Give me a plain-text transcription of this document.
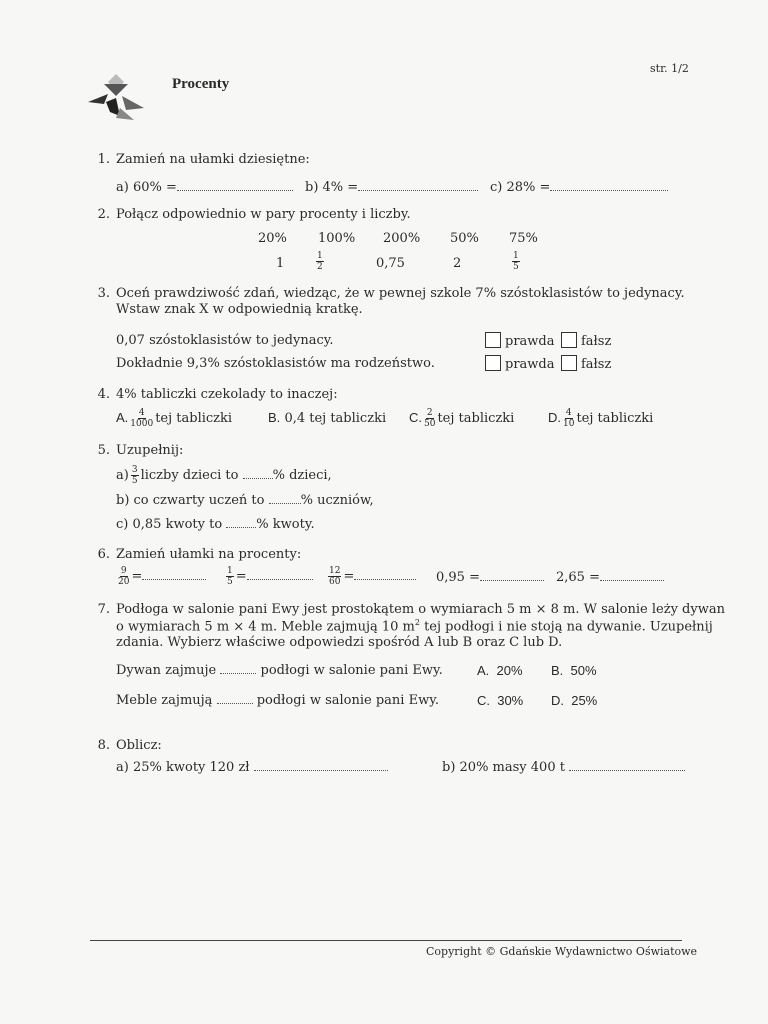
Procenty
str. 1/2
1. Zamień na ułamki dziesiętne:
a) 60% =	b) 4% =	c) 28% =
2. Połącz odpowiednio w pary procenty i liczby.
20% 100% 200% 50% 75%
1	$\frac{1}{2}$	0,75	2	$\frac{1}{5}$
3. Oceń prawdziwość zdań, wiedząc, że w pewnej szkole 7% szóstoklasistów to jedynacy.
Wstaw znak X w odpowiednią kratkę.
0,07 szóstoklasistów to jedynacy.	prawda	fałsz
Dokładnie 9,3% szóstoklasistów ma rodzeństwo.	prawda	fałsz
4. 4% tabliczki czekolady to inaczej:
A. $\frac{4}{1000}$ tej tabliczki	B. 0,4 tej tabliczki C. $\frac{2}{50}$ tej tabliczki	D. $\frac{4}{10}$ tej tabliczki
5. Uzupełnij:
$a) \frac{3}{5}$ liczby dzieci to	% dzieci,
b) co czwarty uczeń to	% uczniów,
c) 0,85 kwoty to	% kwoty.
6. Zamień ułamki na procenty:
$\frac{9}{20}$ =	$\frac{1}{5}$ =	$\frac{12}{60}$ =	0,95 =	2,65 =
7. Podłoga w salonie pani Ewy jest prostokątem o wymiarach 5 m × 8 m. W salonie leży dywan
o wymiarach 5 m × 4 m. Meble zajmują 10 $m^2$ tej podłogi i nie stoją na dywanie. Uzupełnij
zdania. Wybierz właściwe odpowiedzi spośród A lub B oraz C lub D.
Dywan zajmuje	podłogi w salonie pani Ewy.	A.  20% B.  50%
Meble zajmują	podłogi w salonie pani Ewy.	C.  30% D.  25%
8. Oblicz:
a) 25% kwoty 120 zł	b) 20% masy 400 t
Copyright © Gdańskie Wydawnictwo Oświatowe
